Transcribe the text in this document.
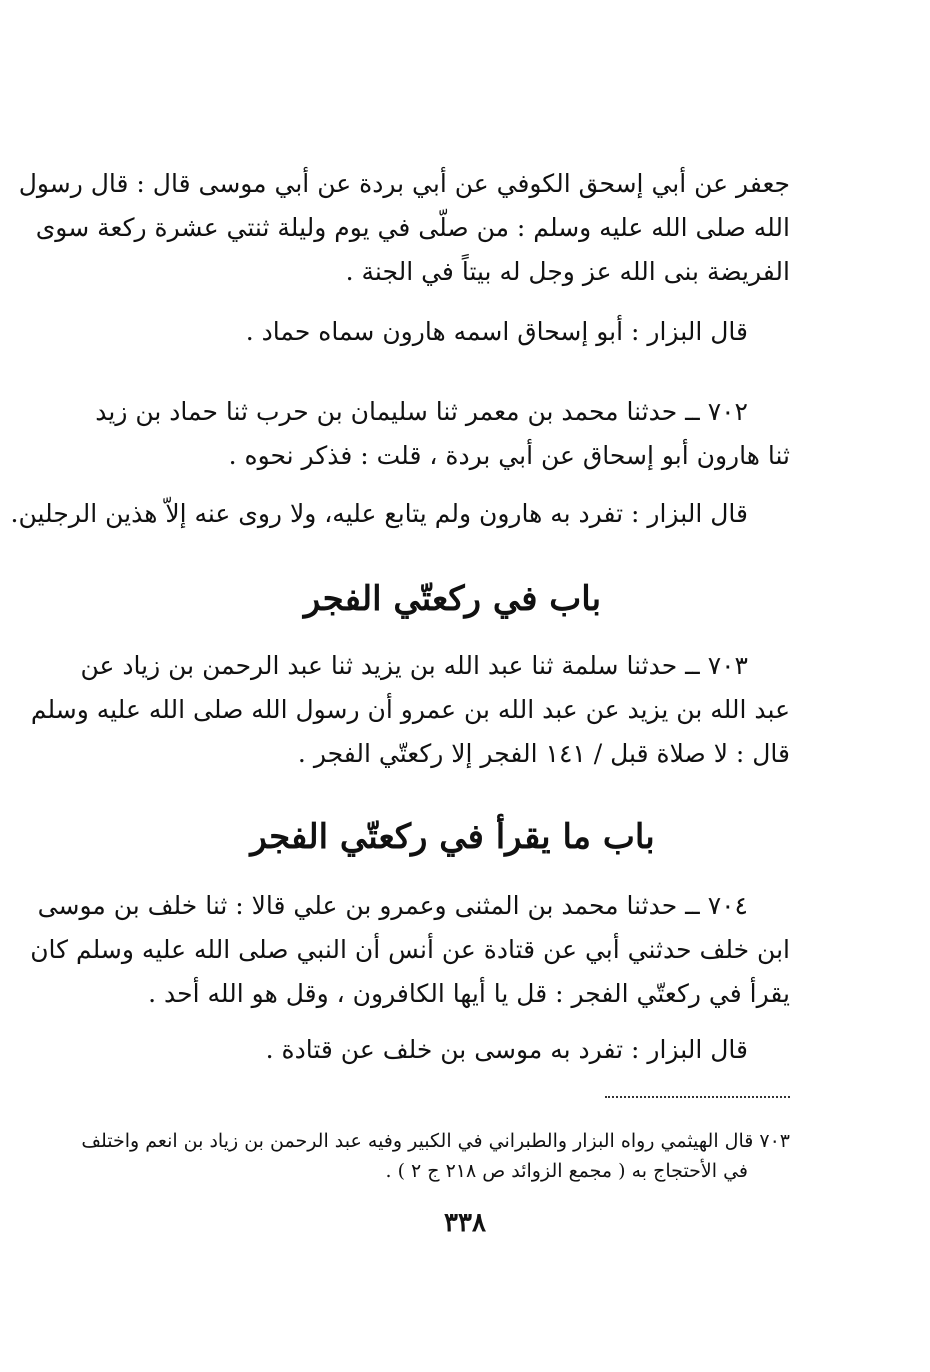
جعفر عن أبي إسحق الكوفي عن أبي بردة عن أبي موسى قال : قال رسول
الله صلى الله عليه وسلم : من صلّى في يوم وليلة ثنتي عشرة ركعة سوى
الفريضة بنى الله عز وجل له بيتاً في الجنة .
قال البزار : أبو إسحاق اسمه هارون سماه حماد .
٧٠٢ ــ حدثنا محمد بن معمر ثنا سليمان بن حرب ثنا حماد بن زيد
ثنا هارون أبو إسحاق عن أبي بردة ، قلت : فذكر نحوه .
قال البزار : تفرد به هارون ولم يتابع عليه، ولا روى عنه إلاّ هذين الرجلين.
باب في ركعتّي الفجر
٧٠٣ ــ حدثنا سلمة ثنا عبد الله بن يزيد ثنا عبد الرحمن بن زياد عن
عبد الله بن يزيد عن عبد الله بن عمرو أن رسول الله صلى الله عليه وسلم
قال : لا صلاة قبل / ١٤١ الفجر إلا ركعتّي الفجر .
باب ما يقرأ في ركعتّي الفجر
٧٠٤ ــ حدثنا محمد بن المثنى وعمرو بن علي قالا : ثنا خلف بن موسى
ابن خلف حدثني أبي عن قتادة عن أنس أن النبي صلى الله عليه وسلم كان
يقرأ في ركعتّي الفجر : قل يا أيها الكافرون ، وقل هو الله أحد .
قال البزار : تفرد به موسى بن خلف عن قتادة .
٧٠٣ قال الهيثمي رواه البزار والطبراني في الكبير وفيه عبد الرحمن بن زياد بن انعم واختلف
في الأحتجاج به ( مجمع الزوائد ص ٢١٨ ج ٢ ) .
٣٣٨
